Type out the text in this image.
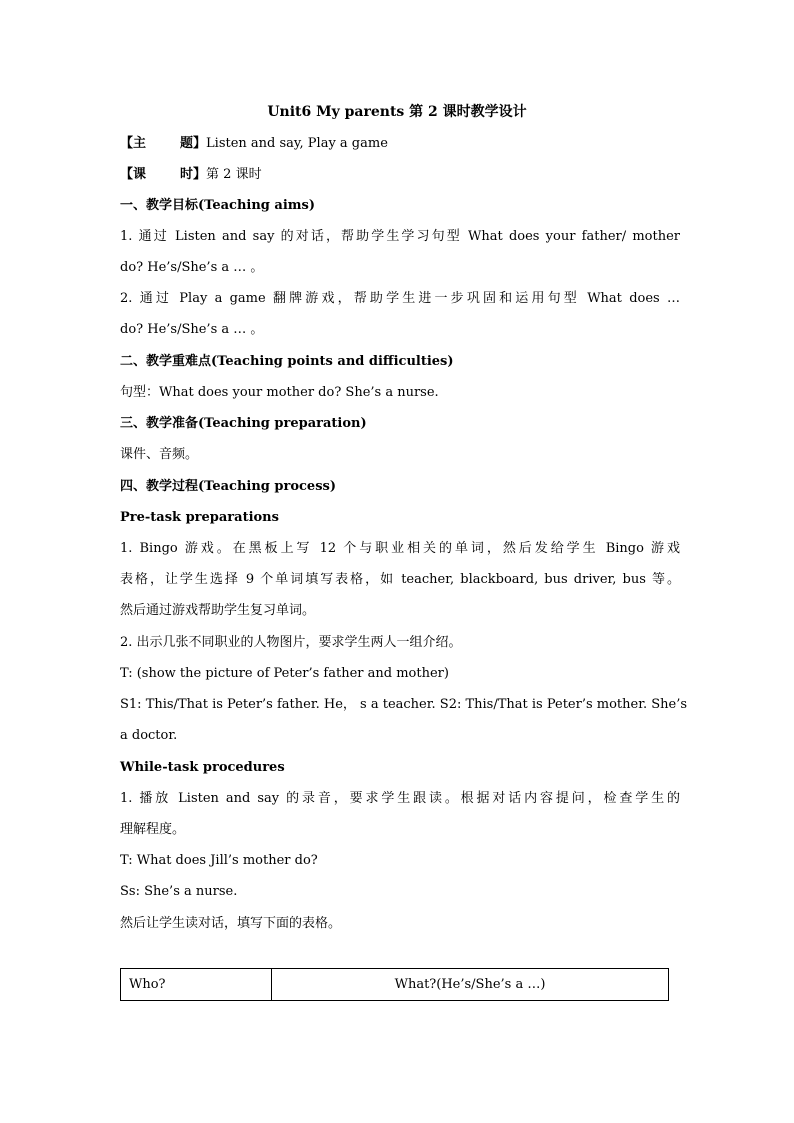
Unit6 My parents 第 2 课时教学设计
【主	题】Listen and say, Play a game
【课	时】第 2 课时
一、教学目标(Teaching aims)
1. 通过 Listen and say 的对话，帮助学生学习句型 What does your father/ mother
do? He’s/She’s a … 。
2. 通过 Play a game 翻牌游戏，帮助学生进一步巩固和运用句型 What does …
do? He’s/She’s a … 。
二、教学重难点(Teaching points and difficulties)
句型：What does your mother do? She’s a nurse.
三、教学准备(Teaching preparation)
课件、音频。
四、教学过程(Teaching process)
Pre-task preparations
1. Bingo 游戏。在黑板上写 12 个与职业相关的单词，然后发给学生 Bingo 游戏
表格，让学生选择 9 个单词填写表格，如 teacher, blackboard, bus driver, bus 等。
然后通过游戏帮助学生复习单词。
2. 出示几张不同职业的人物图片，要求学生两人一组介绍。
T: (show the picture of Peter’s father and mother)
S1: This/That is Peter’s father. He， s a teacher. S2: This/That is Peter’s mother. She’s
a doctor.
While-task procedures
1. 播放 Listen and say 的录音，要求学生跟读。根据对话内容提问，检查学生的
理解程度。
T: What does Jill’s mother do?
Ss: She’s a nurse.
然后让学生读对话，填写下面的表格。
Who?	What?(He’s/She’s a …)
